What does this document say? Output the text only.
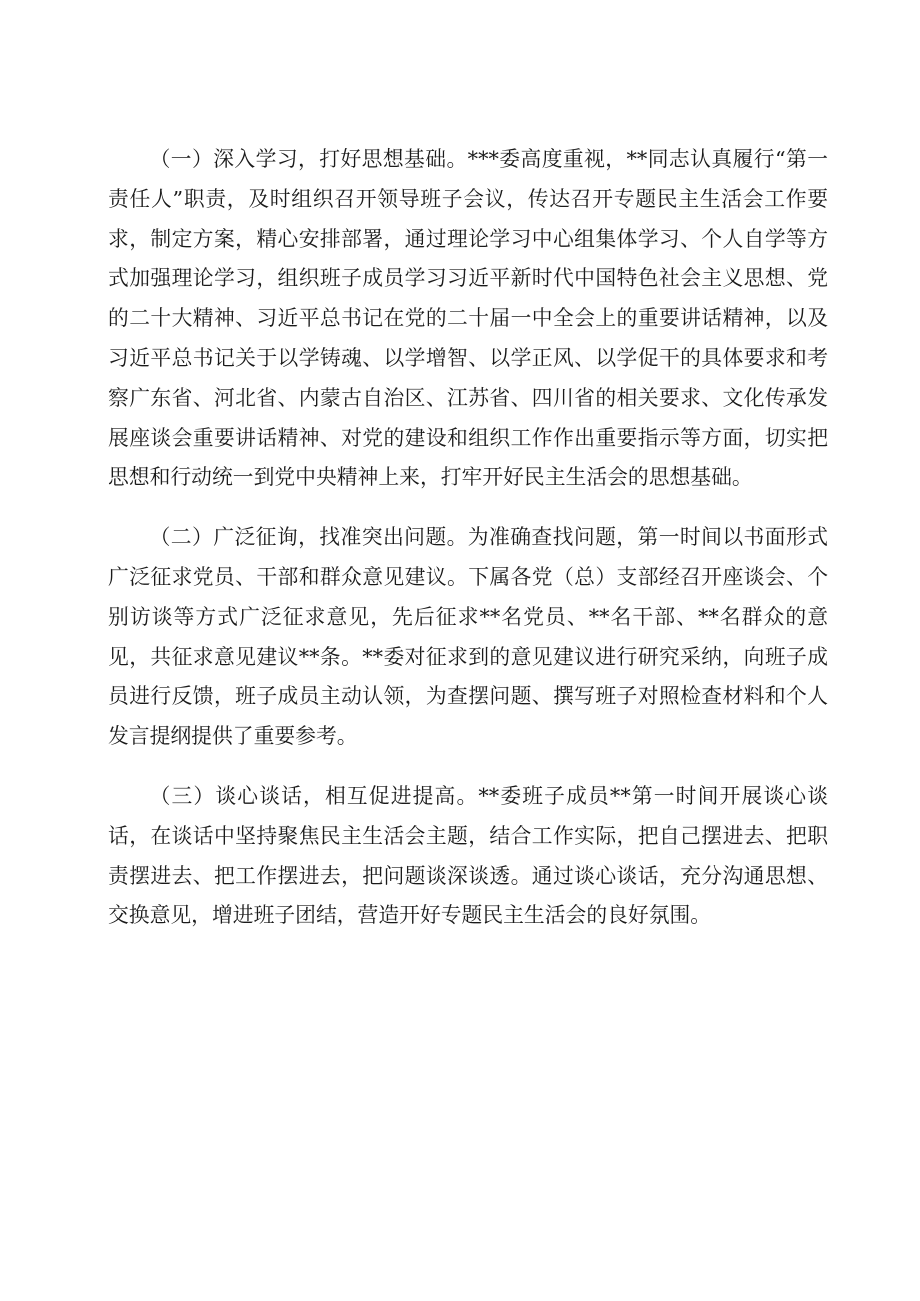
（一）深入学习，打好思想基础。***委高度重视，**同志认真履行“第一责任人”职责，及时组织召开领导班子会议，传达召开专题民主生活会工作要求，制定方案，精心安排部署，通过理论学习中心组集体学习、个人自学等方式加强理论学习，组织班子成员学习习近平新时代中国特色社会主义思想、党的二十大精神、习近平总书记在党的二十届一中全会上的重要讲话精神，以及习近平总书记关于以学铸魂、以学增智、以学正风、以学促干的具体要求和考察广东省、河北省、内蒙古自治区、江苏省、四川省的相关要求、文化传承发展座谈会重要讲话精神、对党的建设和组织工作作出重要指示等方面，切实把思想和行动统一到党中央精神上来，打牢开好民主生活会的思想基础。

（二）广泛征询，找准突出问题。为准确查找问题，第一时间以书面形式广泛征求党员、干部和群众意见建议。下属各党（总）支部经召开座谈会、个别访谈等方式广泛征求意见，先后征求**名党员、**名干部、**名群众的意见，共征求意见建议**条。**委对征求到的意见建议进行研究采纳，向班子成员进行反馈，班子成员主动认领，为查摆问题、撰写班子对照检查材料和个人发言提纲提供了重要参考。

（三）谈心谈话，相互促进提高。**委班子成员**第一时间开展谈心谈话，在谈话中坚持聚焦民主生活会主题，结合工作实际，把自己摆进去、把职责摆进去、把工作摆进去，把问题谈深谈透。通过谈心谈话，充分沟通思想、交换意见，增进班子团结，营造开好专题民主生活会的良好氛围。
